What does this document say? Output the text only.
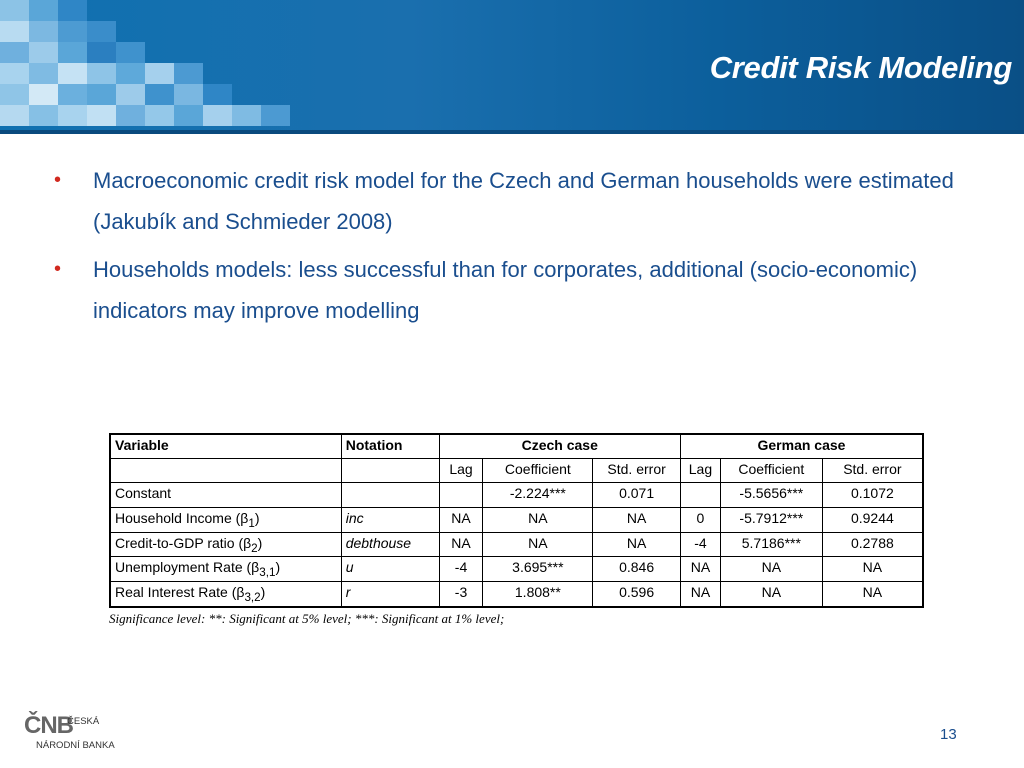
Credit Risk Modeling
• Macroeconomic credit risk model for the Czech and German households were estimated (Jakubík and Schmieder 2008)
• Households models: less successful than for corporates, additional (socio-economic) indicators may improve modelling
Variable	Notation	Czech case			German case		
		Lag	Coefficient	Std. error	Lag	Coefficient	Std. error
Constant			-2.224***	0.071		-5.5656***	0.1072
Household Income $(\beta_1)$	inc	NA	NA	NA	0	-5.7912***	0.9244
Credit-to-GDP ratio $(\beta_2)$	debthouse	NA	NA	NA	-4	5.7186***	0.2788
Unemployment Rate $(\beta_{3,1})$	u	-4	3.695***	0.846	NA	NA	NA
Real Interest Rate $(\beta_{3,2})$	r	-3	1.808**	0.596	NA	NA	NA
Significance level: **: Significant at 5% level; ***: Significant at 1% level;
ČNB
ČESKÁ
NÁRODNÍ BANKA
13
